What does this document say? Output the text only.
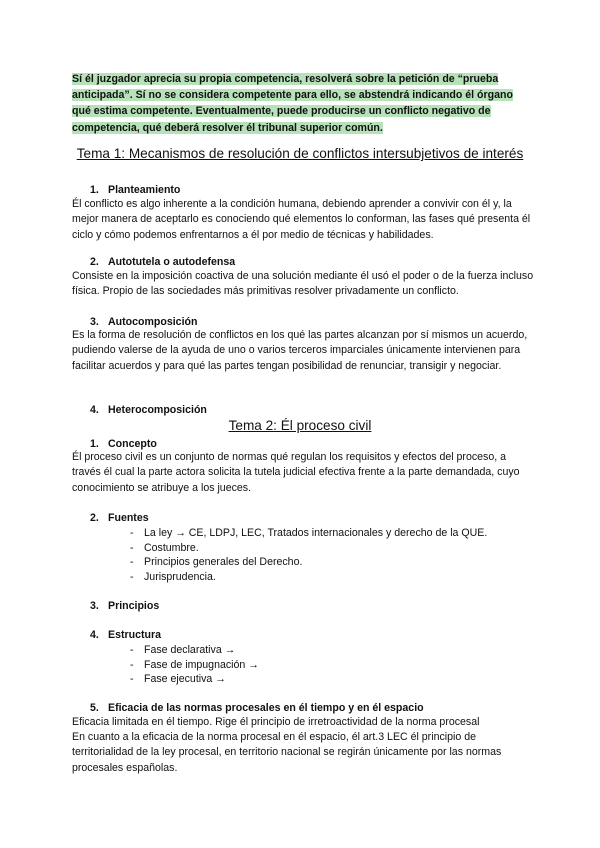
Sí él juzgador aprecia su propia competencia, resolverá sobre la petición de “prueba anticipada”. Sí no se considera competente para ello, se abstendrá indicando él órgano qué estima competente. Eventualmente, puede producirse un conflicto negativo de competencia, qué deberá resolver él tribunal superior común.
Tema 1: Mecanismos de resolución de conflictos intersubjetivos de interés
1. Planteamiento
Él conflicto es algo inherente a la condición humana, debiendo aprender a convivir con él y, la mejor manera de aceptarlo es conociendo qué elementos lo conforman, las fases qué presenta él ciclo y cómo podemos enfrentarnos a él por medio de técnicas y habilidades.
2. Autotutela o autodefensa
Consiste en la imposición coactiva de una solución mediante él usó el poder o de la fuerza incluso física. Propio de las sociedades más primitivas resolver privadamente un conflicto.
3. Autocomposición
Es la forma de resolución de conflictos en los qué las partes alcanzan por sí mismos un acuerdo, pudiendo valerse de la ayuda de uno o varios terceros imparciales únicamente intervienen para facilitar acuerdos y para qué las partes tengan posibilidad de renunciar, transigir y negociar.
4. Heterocomposición
Tema 2: Él proceso civil
1. Concepto
Él proceso civil es un conjunto de normas qué regulan los requisitos y efectos del proceso, a través él cual la parte actora solicita la tutela judicial efectiva frente a la parte demandada, cuyo conocimiento se atribuye a los jueces.
2. Fuentes
- La ley → CE, LDPJ, LEC, Tratados internacionales y derecho de la QUE.
- Costumbre.
- Principios generales del Derecho.
- Jurisprudencia.
3. Principios
4. Estructura
- Fase declarativa →
- Fase de impugnación →
- Fase ejecutiva →
5. Eficacia de las normas procesales en él tiempo y en él espacio
Eficacia limitada en él tiempo. Rige él principio de irretroactividad de la norma procesal
En cuanto a la eficacia de la norma procesal en él espacio, él art.3 LEC él principio de territorialidad de la ley procesal, en territorio nacional se regirán únicamente por las normas procesales españolas.
